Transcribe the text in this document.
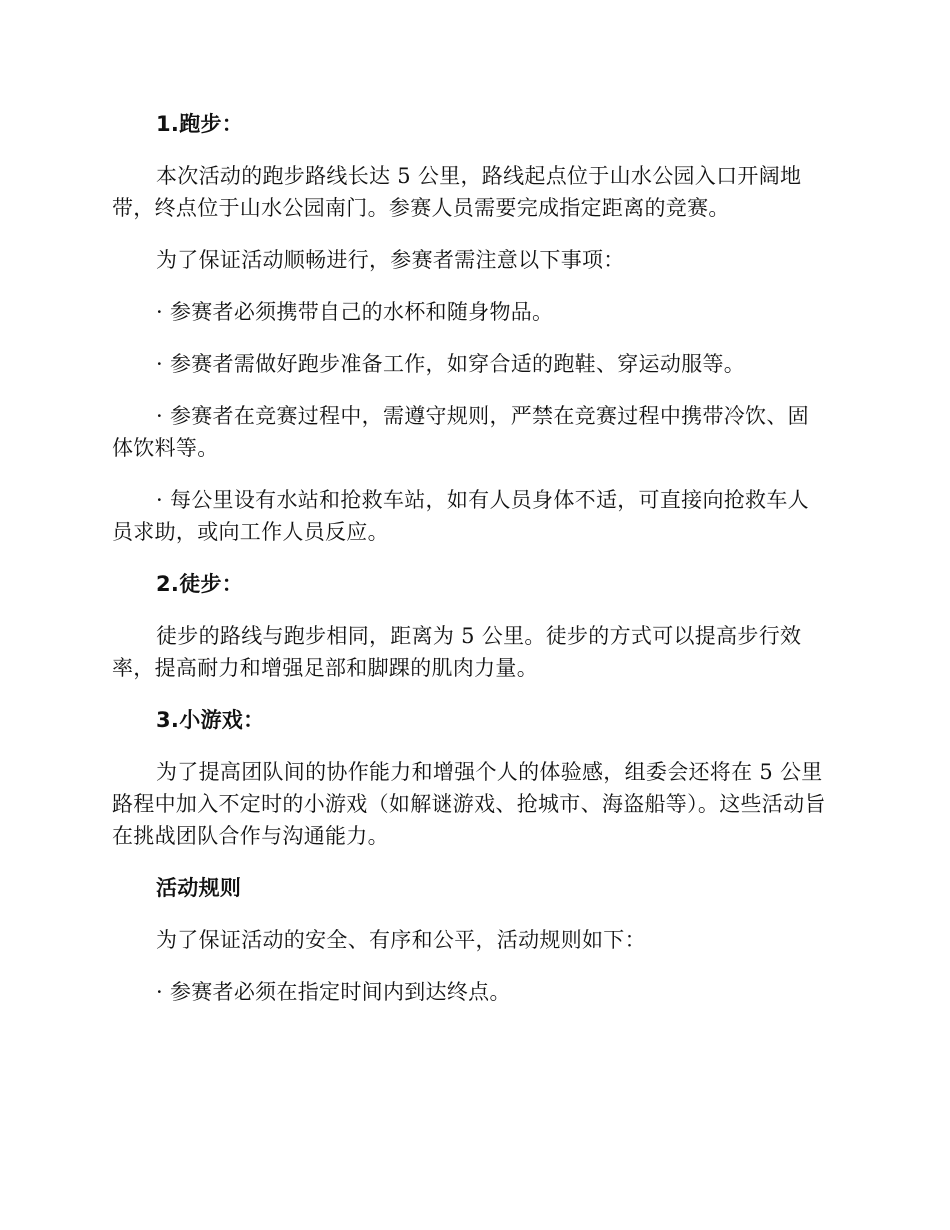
1.跑步：
本次活动的跑步路线长达 5 公里，路线起点位于山水公园入口开阔地带，终点位于山水公园南门。参赛人员需要完成指定距离的竞赛。
为了保证活动顺畅进行，参赛者需注意以下事项：
· 参赛者必须携带自己的水杯和随身物品。
· 参赛者需做好跑步准备工作，如穿合适的跑鞋、穿运动服等。
· 参赛者在竞赛过程中，需遵守规则，严禁在竞赛过程中携带冷饮、固体饮料等。
· 每公里设有水站和抢救车站，如有人员身体不适，可直接向抢救车人员求助，或向工作人员反应。
2.徒步：
徒步的路线与跑步相同，距离为 5 公里。徒步的方式可以提高步行效率，提高耐力和增强足部和脚踝的肌肉力量。
3.小游戏：
为了提高团队间的协作能力和增强个人的体验感，组委会还将在 5 公里路程中加入不定时的小游戏（如解谜游戏、抢城市、海盗船等）。这些活动旨在挑战团队合作与沟通能力。
活动规则
为了保证活动的安全、有序和公平，活动规则如下：
· 参赛者必须在指定时间内到达终点。
